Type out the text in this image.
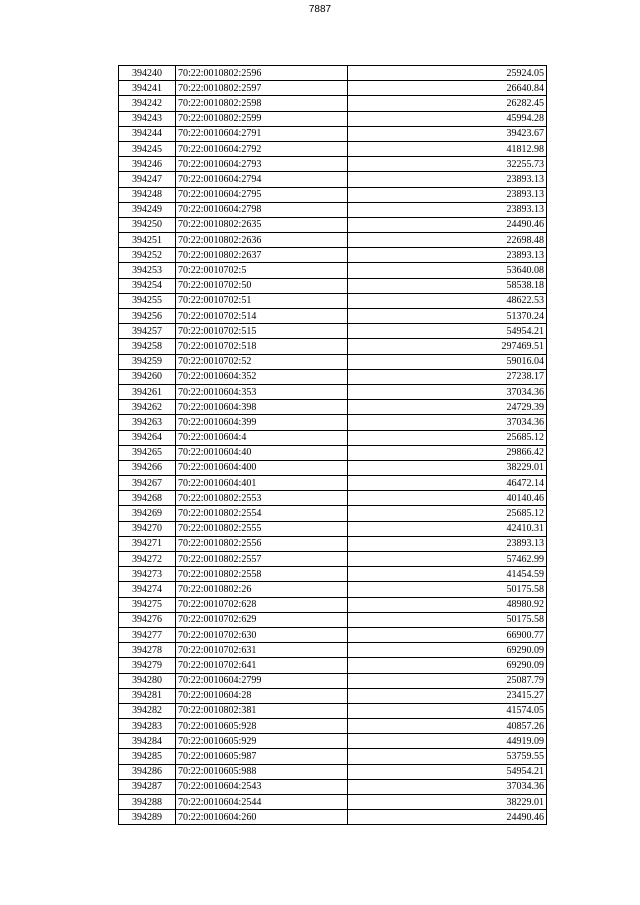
7887
394240	70:22:0010802:2596	25924.05
394241	70:22:0010802:2597	26640.84
394242	70:22:0010802:2598	26282.45
394243	70:22:0010802:2599	45994.28
394244	70:22:0010604:2791	39423.67
394245	70:22:0010604:2792	41812.98
394246	70:22:0010604:2793	32255.73
394247	70:22:0010604:2794	23893.13
394248	70:22:0010604:2795	23893.13
394249	70:22:0010604:2798	23893.13
394250	70:22:0010802:2635	24490.46
394251	70:22:0010802:2636	22698.48
394252	70:22:0010802:2637	23893.13
394253	70:22:0010702:5	53640.08
394254	70:22:0010702:50	58538.18
394255	70:22:0010702:51	48622.53
394256	70:22:0010702:514	51370.24
394257	70:22:0010702:515	54954.21
394258	70:22:0010702:518	297469.51
394259	70:22:0010702:52	59016.04
394260	70:22:0010604:352	27238.17
394261	70:22:0010604:353	37034.36
394262	70:22:0010604:398	24729.39
394263	70:22:0010604:399	37034.36
394264	70:22:0010604:4	25685.12
394265	70:22:0010604:40	29866.42
394266	70:22:0010604:400	38229.01
394267	70:22:0010604:401	46472.14
394268	70:22:0010802:2553	40140.46
394269	70:22:0010802:2554	25685.12
394270	70:22:0010802:2555	42410.31
394271	70:22:0010802:2556	23893.13
394272	70:22:0010802:2557	57462.99
394273	70:22:0010802:2558	41454.59
394274	70:22:0010802:26	50175.58
394275	70:22:0010702:628	48980.92
394276	70:22:0010702:629	50175.58
394277	70:22:0010702:630	66900.77
394278	70:22:0010702:631	69290.09
394279	70:22:0010702:641	69290.09
394280	70:22:0010604:2799	25087.79
394281	70:22:0010604:28	23415.27
394282	70:22:0010802:381	41574.05
394283	70:22:0010605:928	40857.26
394284	70:22:0010605:929	44919.09
394285	70:22:0010605:987	53759.55
394286	70:22:0010605:988	54954.21
394287	70:22:0010604:2543	37034.36
394288	70:22:0010604:2544	38229.01
394289	70:22:0010604:260	24490.46
